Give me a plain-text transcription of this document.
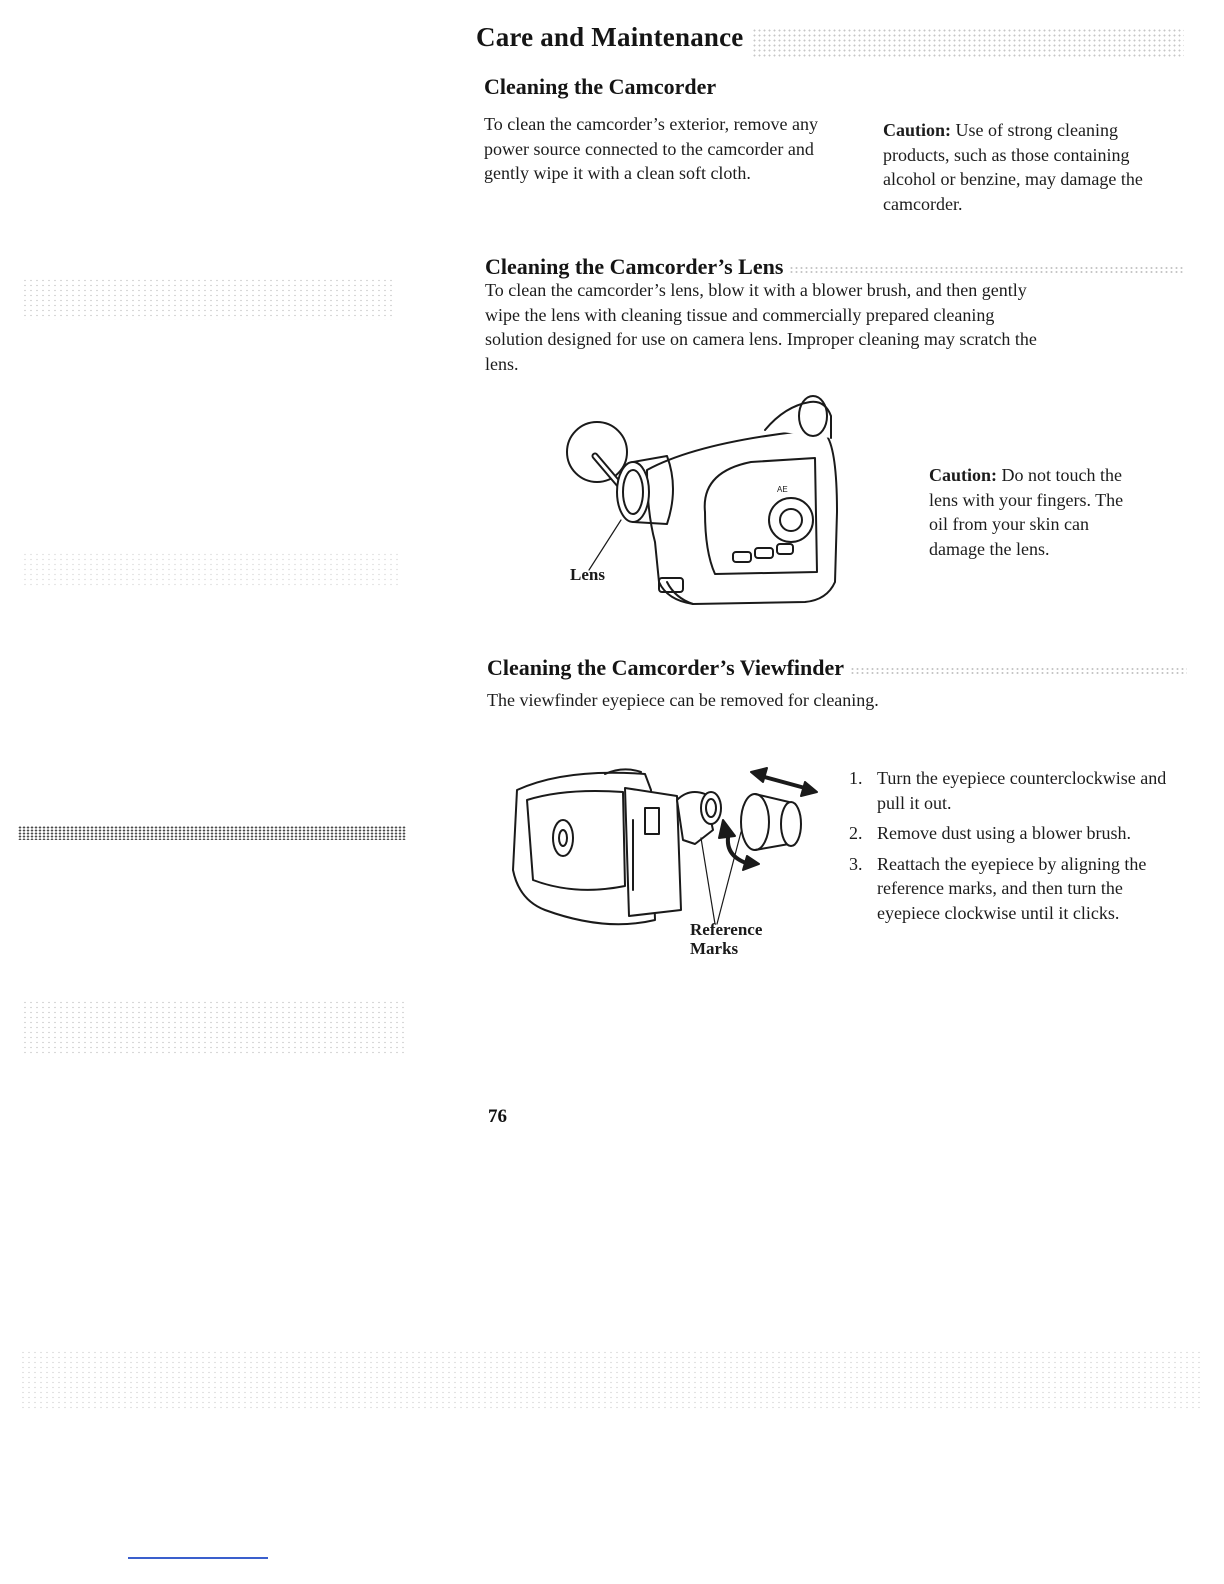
Care and Maintenance
Cleaning the Camcorder
To clean the camcorder’s exterior, remove any power source connected to the camcorder and gently wipe it with a clean soft cloth.
Caution: Use of strong cleaning products, such as those containing alcohol or benzine, may damage the camcorder.
Cleaning the Camcorder’s Lens
To clean the camcorder’s lens, blow it with a blower brush, and then gently wipe the lens with cleaning tissue and commercially prepared cleaning solution designed for use on camera lens. Improper cleaning may scratch the lens.
AE
Lens
Caution: Do not touch the lens with your fingers. The oil from your skin can damage the lens.
Cleaning the Camcorder’s Viewfinder
The viewfinder eyepiece can be removed for cleaning.
Reference
Marks
1. Turn the eyepiece counterclockwise and pull it out.
2. Remove dust using a blower brush.
3. Reattach the eyepiece by aligning the reference marks, and then turn the eyepiece clockwise until it clicks.
76
